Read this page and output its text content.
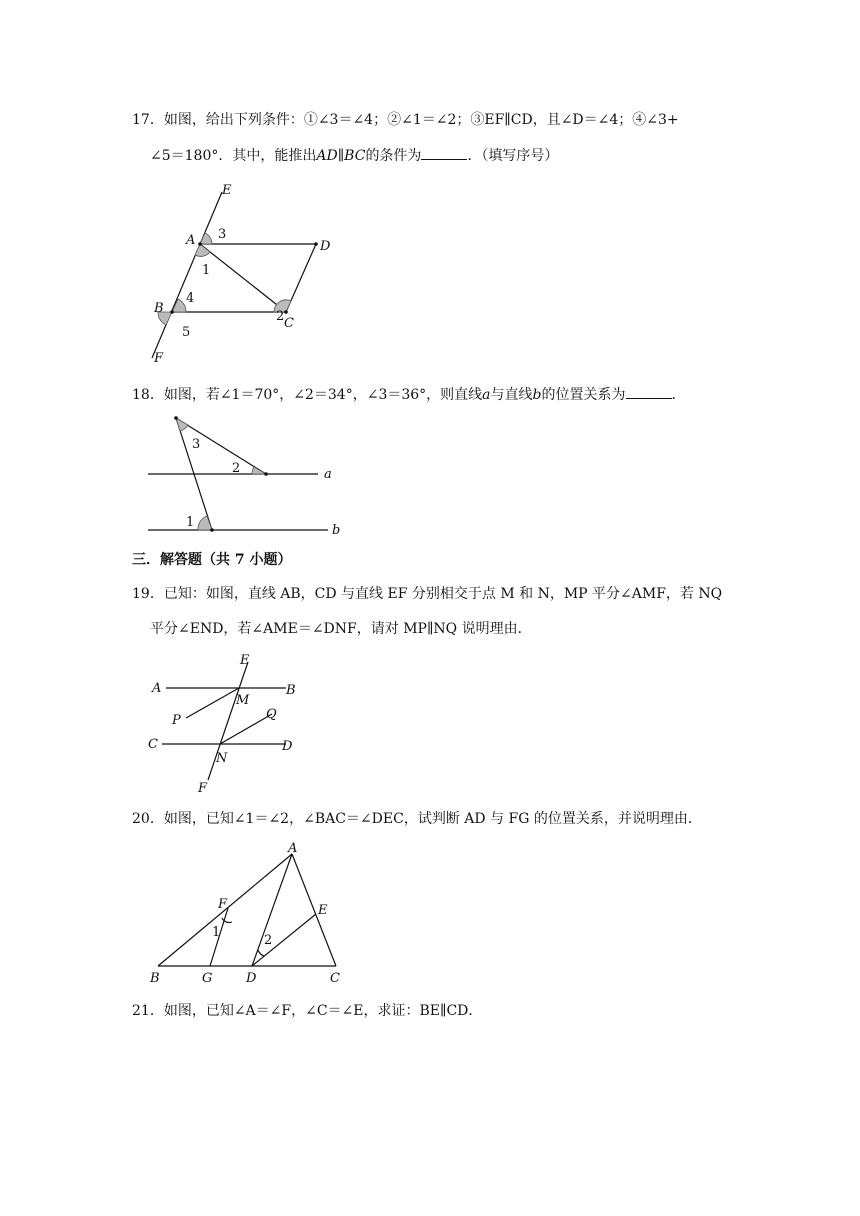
17．如图，给出下列条件：①∠3＝∠4；②∠1＝∠2；③EF∥CD，且∠D＝∠4；④∠3+
∠5＝180°．其中，能推出AD∥BC的条件为	．（填写序号）
E
A	D
B
C
F
3
1
2
4
5
18．如图，若∠1＝70°，∠2＝34°，∠3＝36°，则直线a与直线b的位置关系为	．
3
2
1
a
b
三．解答题（共 7 小题）
19．已知：如图，直线 AB，CD 与直线 EF 分别相交于点 M 和 N，MP 平分∠AMF，若 NQ
平分∠END，若∠AME＝∠DNF，请对 MP∥NQ 说明理由．
A	B
E
M
P	Q
C	D
N
F
20．如图，已知∠1＝∠2，∠BAC＝∠DEC，试判断 AD 与 FG 的位置关系，并说明理由．
A
F	E
1
2
B	G	D	C
21．如图，已知∠A＝∠F，∠C＝∠E，求证：BE∥CD．
